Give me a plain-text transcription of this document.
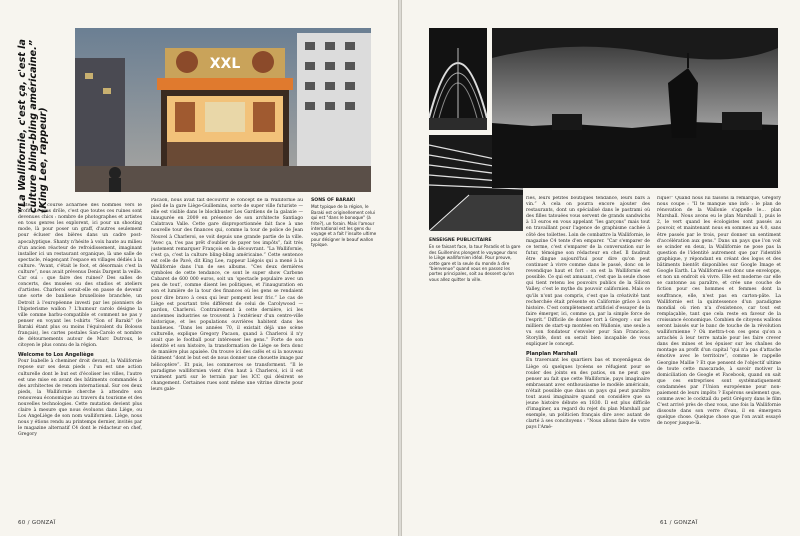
“La Wallifornie, c'est ça, c'est la culture bling-bling américaine.” (King Lee, rappeur)
XXL
SONS OF BARAKI
Mot typique de la région, le Baraki est originellement celui qui est "dans le bonoque" (à frite?), un forain. Mais l'amour international est les gens du voyage et a fait l'insulte ultime pour désigner le beauf wallon typique.

triste à la course acharnée des hommes vers le profit. Le plus drôle, c'est que toutes ces ruines sont devenues chics : nombre de photographes et artistes en tous genres les explorent, ici pour un shooting mode, là pour poser un graff, d'autres seulement pour écluser des bières dans un cadre post-apocalyptique. Shanty n'hésite à voix haute au milieu d'un ancien réacteur de refroidissement, imaginant installer ici un restaurant organique, là une salle de spectacle, réagençant l'espace en villages dédiés à la culture. “Avant, c'était le foot, et désormais c'est la culture”, nous avait prévenus Denis Dargent la veille. Car oui : que faire des ruines? Des salles de concerts, des musées ou des studios et ateliers d'artistes. Charleroi serait-elle en passe de devenir une sorte de banlieue bruxelloise branchée, un Detroit à l'européenne investi par les pionniers de l'hipsterisme wallon ? L'humour carolo désigne la ville comme barbu-compatible et comment ne pas y penser en voyant les t-shirts “Son of Baraki” (le Baraki étant plus ou moins l'équivalent du Bolosss français), les cartes postales San-Carolo et nombre de détournements autour de Marc Dutroux, le citoyen le plus connu de la région.

Welcome to Los Angeliège

Pour Isabelle à cheminer droit devant, la Wallifornie repose sur ses deux pieds : l'un est une action culturelle dont le but est d'écoliser les villes, l'autre est une mise en avant des bâtiments commandés à des architectes de renom international. Sur ces deux pieds, la Wallifornie cherche à attendre son renouveau économique au travers du tourisme et des nouvelles technologies. Cette mutation devient plus claire à mesure que nous évoluons dans Liège, ou Los AngeLiège de son nom wallifornien. Liège, nous nous y étions rendu au printemps dernier, invités par le magazine alternatif C4 dont le rédacteur en chef, Gregory

Pacaon, nous avait fait découvrir le concept de la Wallifornie au pied de la gare Liège-Guillemins, sorte de super ville futuriste — elle est visible dans le blockbuster Les Gardiens de la galaxie — inaugurée en 2009 en présence de son architecte Santiago Calatrava Valle. Cette gare disproportionnée fait face à une nouvelle tour des finances qui, comme la tour de police de Jean Nouvel à Charleroi, se voit depuis une grande partie de la ville. “Avec ça, t'es pas prêt d'oublier de payer tes impôts”, fait très justement remarquer François en la découvrant. “La Wallifornie, c'est ça, c'est la culture bling-bling américaine.” Cette sentence est celle de Pavé, dit King Lee, rappeur Liégois qui a mené à la Wallifornie dans l'un de ses albums. “Ces deux dernières symboles de cette tendance, ce sont le super show Carbone Cabaret de 600 000 euros, soit un ‘spectacle populaire avec un peu de tout’, comme disent les politiques, et l'inauguration en son et lumière de la tour des finances où les gens se rendaient pour dire bravo à ceux qui leur pompent leur fric.” Le cas de Liège est pourtant très différent de celui de Carolywood — pardon, Charleroi. Contrairement à cette dernière, ici les anciennes industries se trouvent à l'extérieur d'un centre-ville historique, et les populations ouvrières habitent dans les banlieues. “Dans les années 70, il existait déjà une scène culturelle, explique Gregory Pacaon, quand à Charleroi il n'y avait que le football pour intéresser les gens.” Forte de son identité et son histoire, la transformation de Liège se fera donc de manière plus apaisée. On trouve ici des cafés et si la nouveau bâtiment “dont le but est de nous donner une chouette image par hélicoptère”. Et puis, les commerces se transforment. “Il le paradigme wallifornien vient d'en haut à Charleroi, ici il est vraiment parti sur le terrain par les ICC qui désirent se changement. Certaines rues sont même une vitrine directe pour leurs gale-

60 / GONZAÏ
ENSEIGNE PUBLICITAIRE
En se faisant face, la tour Paradis et la gare des Guillemins plongent le voyageur dans le Liège wallifornien idéal. Pour preuve, cette gare et la seule du monde à dire "bienvenue" quand vous en passez les portes principales, soit au dessent qu'on vous allez quitter la ville.

ries, leurs petites boutiques tendance, leurs bars à vin.” A cela on pourra encore ajouter des restaurants, dont un spécialisé dans le pastrami où des filles tatouées vous servent de grands sandwichs à 13 euros en vous appelant “les garçons” mais tout en travaillant pour l'agence de graphisme cachée à côté des toilettes. Loin de combattre la Wallifornie, le magazine C4 tente d'en emparer. “Car s'emparer de ce terme, c'est s'emparer de la conversation sur le futur, témoigne son rédacteur en chef. Il faudrait être dingue aujourd'hui pour dire qu'on peut continuer à vivre comme dans le passé, donc on le revendique haut et fort : on est la Wallifornie est possible. Ce qui est amusant, c'est que la seule chose qui tient retenu les pouvoirs publics de la Silicon Valley, c'est le mythe du pouvoir californien. Mais ce qu'ils n'ont pas compris, c'est que la créativité tant recherchée était présente en Californie grâce à son histoire. C'est complètement artificiel d'essayer de la faire émerger, ici, comme ça, par la simple force de l'esprit.” Difficile de donner tort à Gregory : sur les milliers de start-up montées en Wallonie, une seule a vu son fondateur s'envoler pour San Francisco, Storylife, dont on serait bien incapable de vous expliquer le concept.

Planplan Marshall

En traversant les quartiers bas et moyenâgeux de Liège où quelques lycéens se réfugient pour se rouler des joints en des patios, on ne peut que penser au fait que cette Wallifornie, pays imaginaire embrassant avec enthousiasme le modèle américain, n'était possible que dans un pays qui peut paraître tout aussi imaginaire quand on considère que sa jeune histoire débute en 1830. Il est plus difficile d'imaginer, au regard du rejet du plan Marshall par exemple, un politicien français dire avec autant de clarté à ses concitoyens : “Nous allons faire de votre pays l'Amé-

rique!” Quand nous lui faisons la remarque, Gregory nous coupe : “Il te manque une info : le plan de rénovation de la Wallonie s'appelle le… plan Marshall. Nous avons eu le plan Marshall 1, puis le 2, le vert quand les écologistes sont passés au pouvoir, et maintenant nous en sommes au 4.0, sans être passés par le trois, pour donner un sentiment d'accélération aux gens.” Dans un pays que l'on voit se scinder en deux, la Wallifornie ne pose pas la question de l'identité autrement que par l'identité graphique, y répondant en créant des logos et des bâtiments bientôt disponibles sur Google Image et Google Earth. La Wallifornie est donc une enveloppe, et non un endroit où vivre. Elle est moderne car elle se cantonne au paraître, et crée une couche de fiction pour ces hommes et femmes dont la souffrance, elle, n'est pas en carton-pâte. La Wallifornie est la quintessence d'un paradigme mondial où rien n'a d'existence, car tout est remplaçable, tant que cela reste en faveur de la croissance économique. Combien de citoyens wallons seront laissés sur le banc de touche de la révolution wallifornienne ? Où mettra-t-on ces gens qu'on a arrachés à leur terre natale pour les faire crever dans des mines et les épuiser sur les chaînes de montage au profit d'un capital “qui n'a pas d'attache émotive avec le territoire”, comme le rappelle Georgine Mallie ? Et que pensent de l'objectif ultime de toute cette mascarade, à savoir motiver la domiciliation de Google et Facebook, quand on sait que ces entreprises sont systématiquement condamnées par l'Union européenne pour non-paiement de leurs impôts ? Espérons seulement que, comme avec le cocktail du petit Grégory dans le film C'est arrivé près de chez vous, une fois la Wallifornie dissoute dans son verre d'eau, il en émergera quelque chose. Quelque chose que l'on avait essayé de noyer jusque-là.

61 / GONZAÏ
